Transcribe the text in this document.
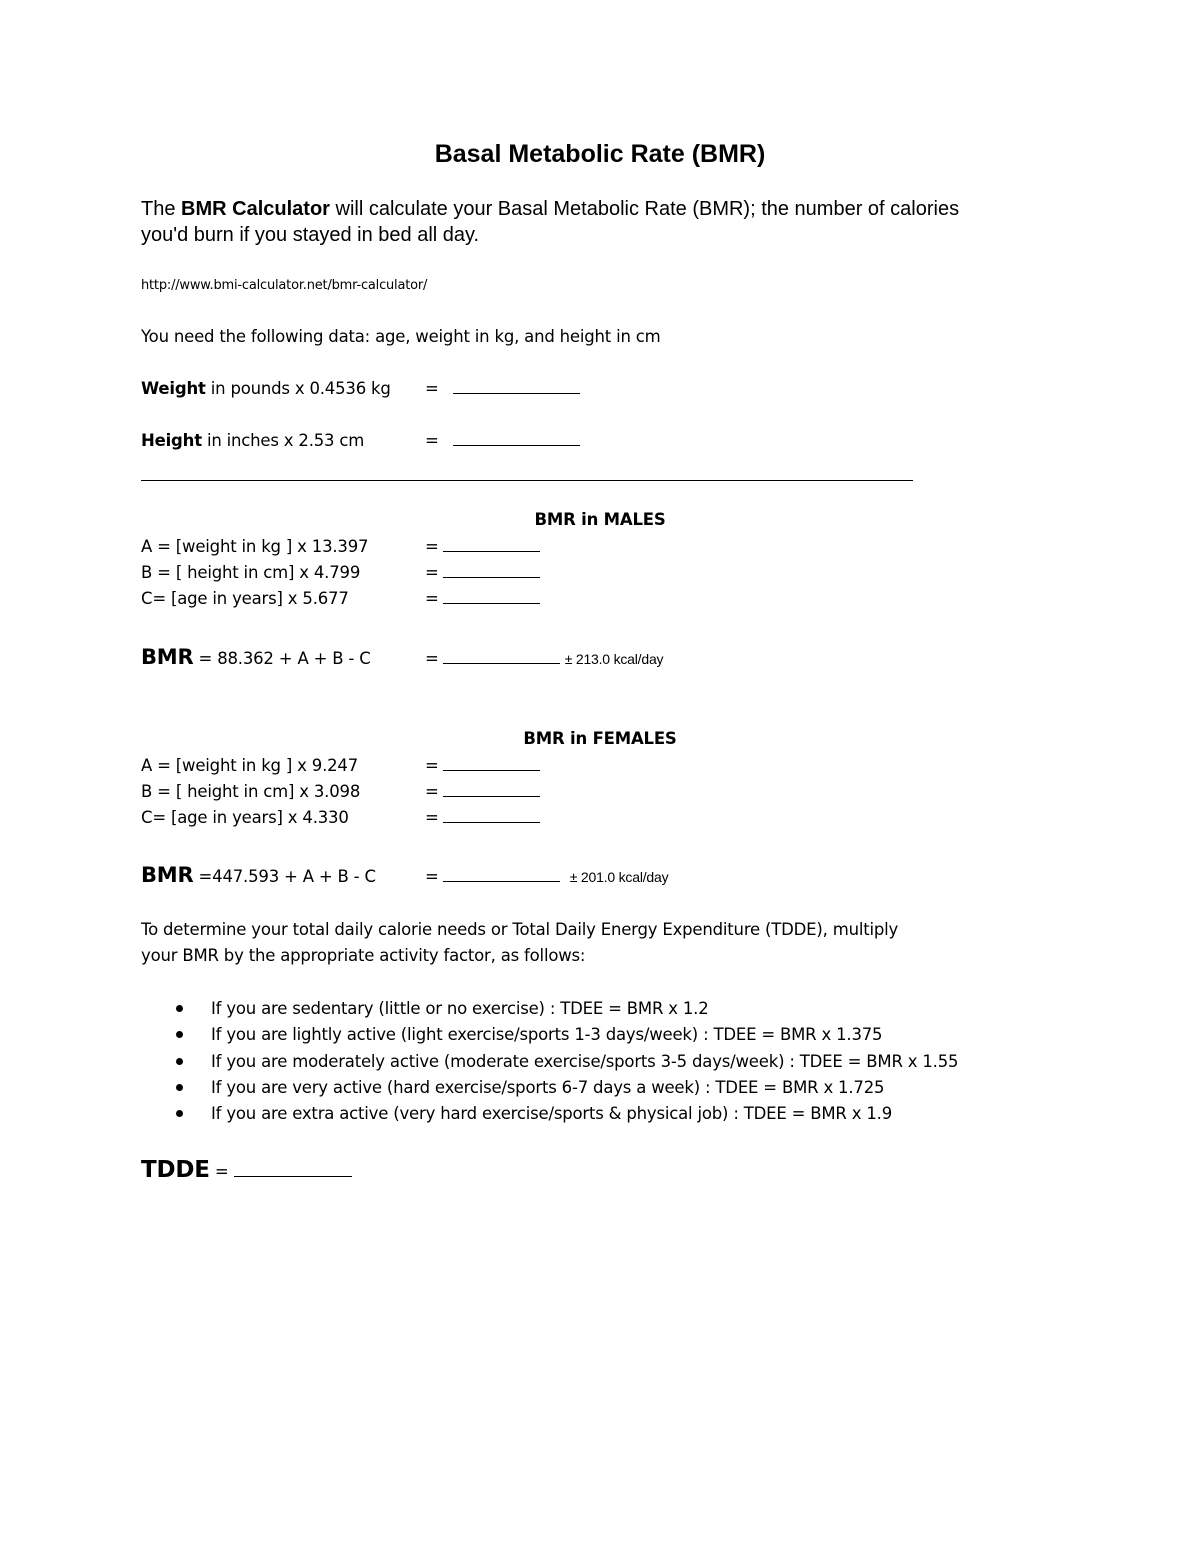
Basal Metabolic Rate (BMR)
The BMR Calculator will calculate your Basal Metabolic Rate (BMR); the number of calories
you'd burn if you stayed in bed all day.
http://www.bmi-calculator.net/bmr-calculator/
You need the following data: age, weight in kg, and height in cm
Weight in pounds x 0.4536 kg =
Height in inches x 2.53 cm	=
BMR in MALES
A = [weight in kg ] x 13.397	=
B = [ height in cm] x 4.799	=
C= [age in years] x 5.677	=
BMR = 88.362 + A + B - C	=	± 213.0 kcal/day
BMR in FEMALES
A = [weight in kg ] x 9.247	=
B = [ height in cm] x 3.098	=
C= [age in years] x 4.330	=
BMR =447.593 + A + B - C	=	± 201.0 kcal/day
To determine your total daily calorie needs or Total Daily Energy Expenditure (TDDE), multiply
your BMR by the appropriate activity factor, as follows:
If you are sedentary (little or no exercise) : TDEE = BMR x 1.2
If you are lightly active (light exercise/sports 1-3 days/week) : TDEE = BMR x 1.375
If you are moderately active (moderate exercise/sports 3-5 days/week) : TDEE = BMR x 1.55
If you are very active (hard exercise/sports 6-7 days a week) : TDEE = BMR x 1.725
If you are extra active (very hard exercise/sports & physical job) : TDEE = BMR x 1.9
TDDE =
